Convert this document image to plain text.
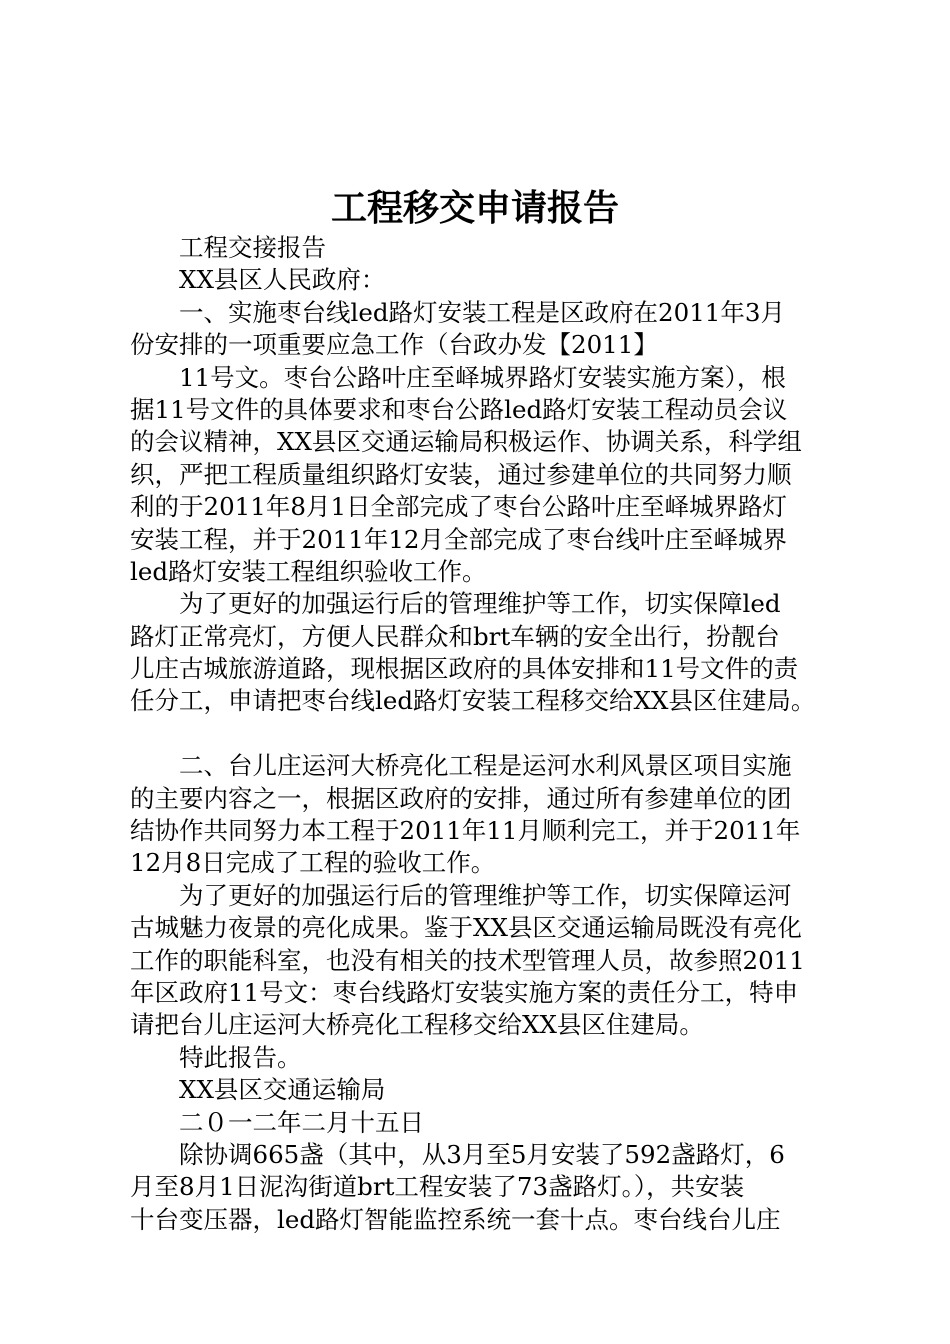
工程移交申请报告
工程交接报告
XX县区人民政府：
一、实施枣台线led路灯安装工程是区政府在2011年3月
份安排的一项重要应急工作（台政办发【2011】
11号文。枣台公路叶庄至峄城界路灯安装实施方案），根
据11号文件的具体要求和枣台公路led路灯安装工程动员会议
的会议精神，XX县区交通运输局积极运作、协调关系，科学组
织，严把工程质量组织路灯安装，通过参建单位的共同努力顺
利的于2011年8月1日全部完成了枣台公路叶庄至峄城界路灯
安装工程，并于2011年12月全部完成了枣台线叶庄至峄城界
led路灯安装工程组织验收工作。
为了更好的加强运行后的管理维护等工作，切实保障led
路灯正常亮灯，方便人民群众和brt车辆的安全出行，扮靓台
儿庄古城旅游道路，现根据区政府的具体安排和11号文件的责
任分工，申请把枣台线led路灯安装工程移交给XX县区住建局。
二、台儿庄运河大桥亮化工程是运河水利风景区项目实施
的主要内容之一，根据区政府的安排，通过所有参建单位的团
结协作共同努力本工程于2011年11月顺利完工，并于2011年
12月8日完成了工程的验收工作。
为了更好的加强运行后的管理维护等工作，切实保障运河
古城魅力夜景的亮化成果。鉴于XX县区交通运输局既没有亮化
工作的职能科室，也没有相关的技术型管理人员，故参照2011
年区政府11号文：枣台线路灯安装实施方案的责任分工，特申
请把台儿庄运河大桥亮化工程移交给XX县区住建局。
特此报告。
XX县区交通运输局
二０一二年二月十五日
除协调665盏（其中，从3月至5月安装了592盏路灯，6
月至8月1日泥沟街道brt工程安装了73盏路灯。），共安装
十台变压器，led路灯智能监控系统一套十点。枣台线台儿庄
